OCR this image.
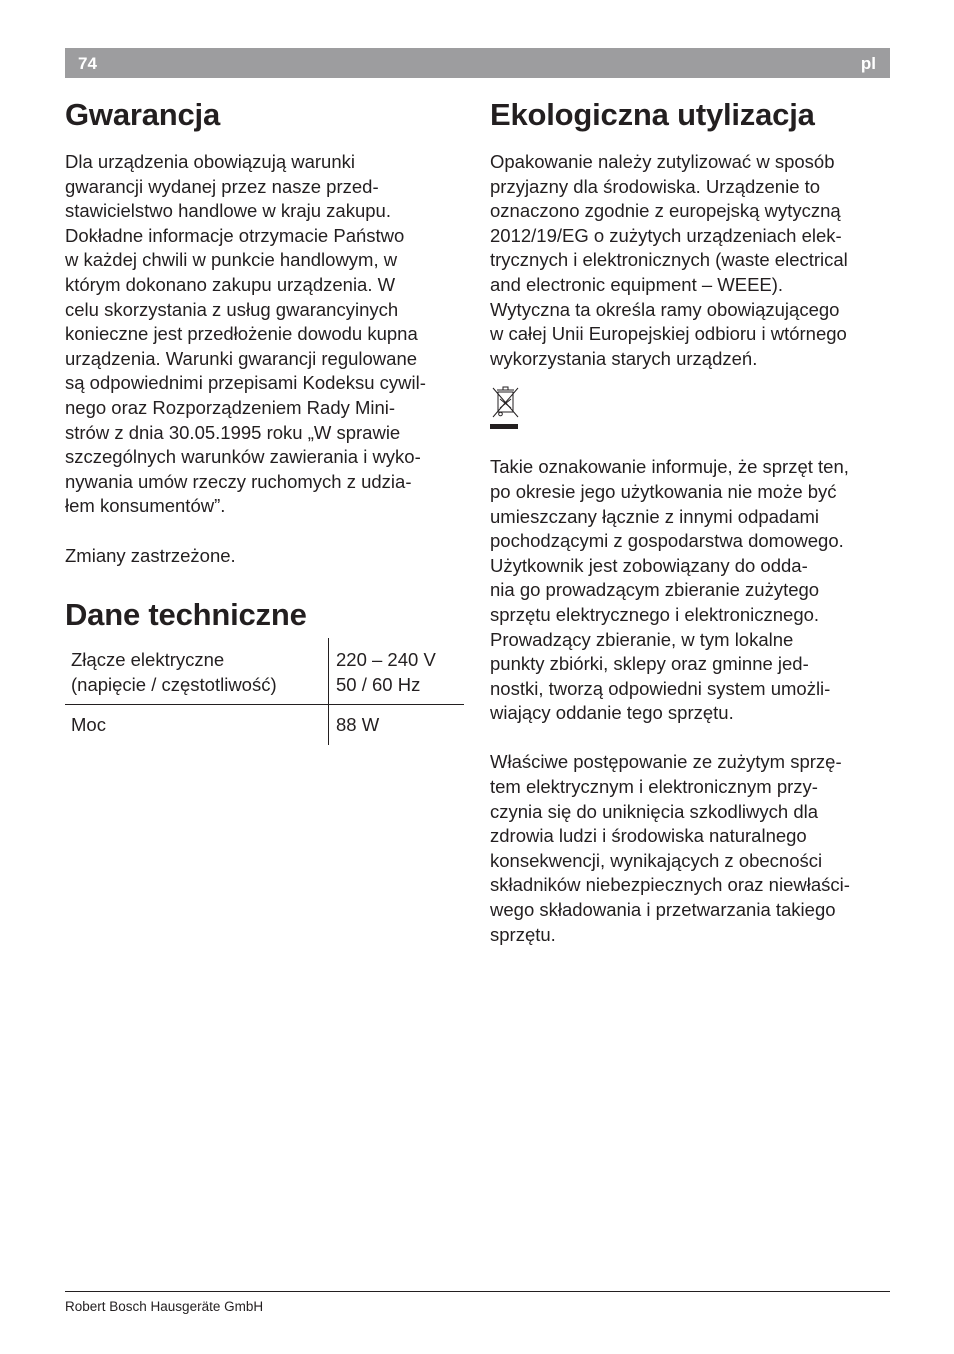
74	pl
Gwarancja

Dla urządzenia obowiązują warunki
gwarancji wydanej przez nasze przed-
stawicielstwo handlowe w kraju zakupu.
Dokładne informacje otrzymacie Państwo
w każdej chwili w punkcie handlowym, w
którym dokonano zakupu urządzenia. W
celu skorzystania z usług gwarancyinych
konieczne jest przedłożenie dowodu kupna
urządzenia. Warunki gwarancji regulowane
są odpowiednimi przepisami Kodeksu cywil-
nego oraz Rozporządzeniem Rady Mini-
strów z dnia 30.05.1995 roku „W sprawie
szczególnych warunków zawierania i wyko-
nywania umów rzeczy ruchomych z udzia-
łem konsumentów”.

Zmiany zastrzeżone.

Dane techniczne
Złącze elektryczne
(napięcie / częstotliwość)	220 – 240 V
50 / 60 Hz
Moc	88 W
Ekologiczna utylizacja

Opakowanie należy zutylizować w sposób
przyjazny dla środowiska. Urządzenie to
oznaczono zgodnie z europejską wytyczną
2012/19/EG o zużytych urządzeniach elek-
trycznych i elektronicznych (waste electrical
and electronic equipment – WEEE).
Wytyczna ta określa ramy obowiązującego
w całej Unii Europejskiej odbioru i wtórnego
wykorzystania starych urządzeń.

Takie oznakowanie informuje, że sprzęt ten,
po okresie jego użytkowania nie może być
umieszczany łącznie z innymi odpadami
pochodzącymi z gospodarstwa domowego.
Użytkownik jest zobowiązany do odda-
nia go prowadzącym zbieranie zużytego
sprzętu elektrycznego i elektronicznego.
Prowadzący zbieranie, w tym lokalne
punkty zbiórki, sklepy oraz gminne jed-
nostki, tworzą odpowiedni system umożli-
wiający oddanie tego sprzętu.

Właściwe postępowanie ze zużytym sprzę-
tem elektrycznym i elektronicznym przy-
czynia się do uniknięcia szkodliwych dla
zdrowia ludzi i środowiska naturalnego
konsekwencji, wynikających z obecności
składników niebezpiecznych oraz niewłaści-
wego składowania i przetwarzania takiego
sprzętu.

Robert Bosch Hausgeräte GmbH
